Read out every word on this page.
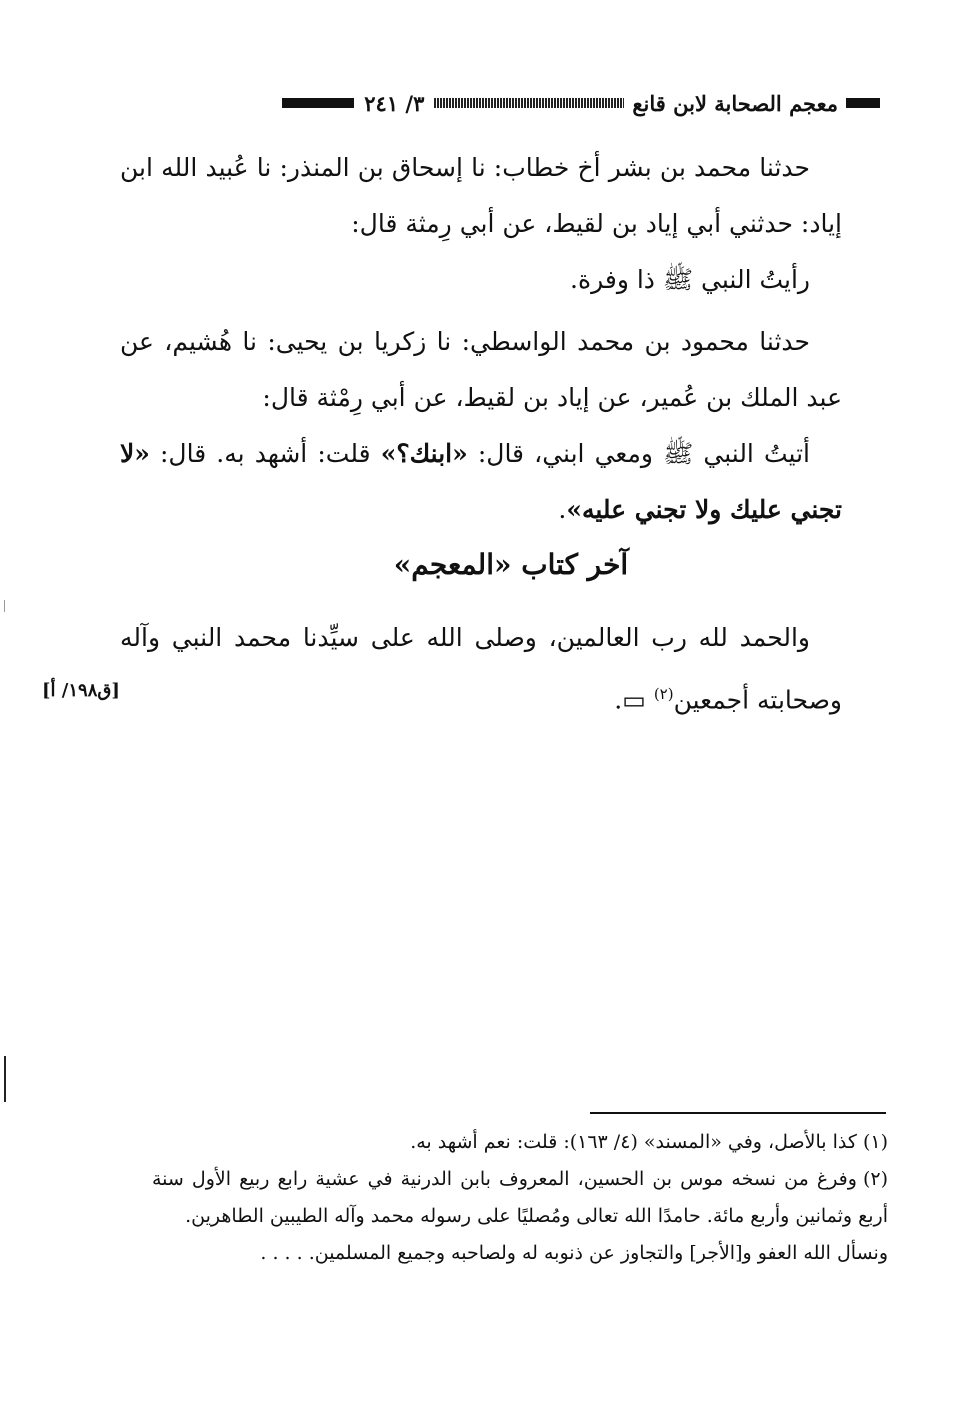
معجم الصحابة لابن قانع
٣/ ٢٤١

حدثنا محمد بن بشر أخ خطاب: نا إسحاق بن المنذر: نا عُبيد الله ابن إياد: حدثني أبي إياد بن لقيط، عن أبي رِمثة قال:

رأيتُ النبي ﷺ ذا وفرة.

حدثنا محمود بن محمد الواسطي: نا زكريا بن يحيى: نا هُشيم، عن عبد الملك بن عُمير، عن إياد بن لقيط، عن أبي رِمْثة قال:

أتيتُ النبي ﷺ ومعي ابني، قال: «ابنك؟» قلت: أشهد به. قال: «لا تجني عليك ولا تجني عليه».

آخر كتاب «المعجم»

والحمد لله رب العالمين، وصلى الله على سيِّدنا محمد النبي وآله وصحابته أجمعين$^{(٢)}$ ▭.

[ق١٩٨/ أ]

(١)كذا بالأصل، وفي «المسند» (٤/ ١٦٣): قلت: نعم أشهد به.

(٢)وفرغ من نسخه موس بن الحسين، المعروف بابن الدرنية في عشية رابع ربيع الأول سنة أربع وثمانين وأربع مائة. حامدًا الله تعالى ومُصليًا على رسوله محمد وآله الطيبين الطاهرين.

ونسأل الله العفو و[الأجر] والتجاوز عن ذنوبه له ولصاحبه وجميع المسلمين. . . . .
